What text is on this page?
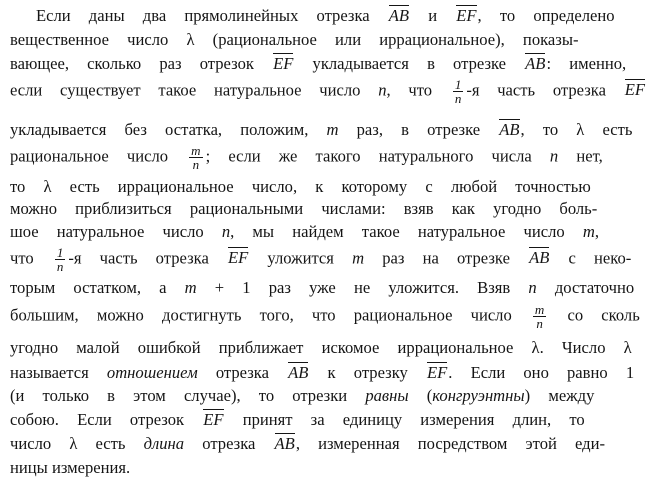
Если даны два прямолинейных отрезка AB и EF, то определено
вещественное число λ (рациональное или иррациональное), показы-
вающее, сколько раз отрезок EF укладывается в отрезке AB: именно,
если существует такое натуральное число n, что $\frac{1}{n} -я$ часть отрезка EF
укладывается без остатка, положим, m раз, в отрезке AB, то λ есть
рациональное число $\frac{m}{n}$ ; если же такого натурального числа n нет,
то λ есть иррациональное число, к которому с любой точностью
можно приблизиться рациональными числами: взяв как угодно боль-
шое натуральное число n, мы найдем такое натуральное число m,
что $\frac{1}{n} -я$ часть отрезка EF уложится m раз на отрезке AB с неко-
торым остатком, а m + 1 раз уже не уложится. Взяв n достаточно
большим, можно достигнуть того, что рациональное число $\frac{m}{n}$ со сколь
угодно малой ошибкой приближает искомое иррациональное λ. Число λ
называется отношением отрезка AB к отрезку EF. Если оно равно 1
(и только в этом случае), то отрезки равны (конгруэнтны) между
собою. Если отрезок EF принят за единицу измерения длин, то
число λ есть длина отрезка AB, измеренная посредством этой еди-
ницы измерения.
